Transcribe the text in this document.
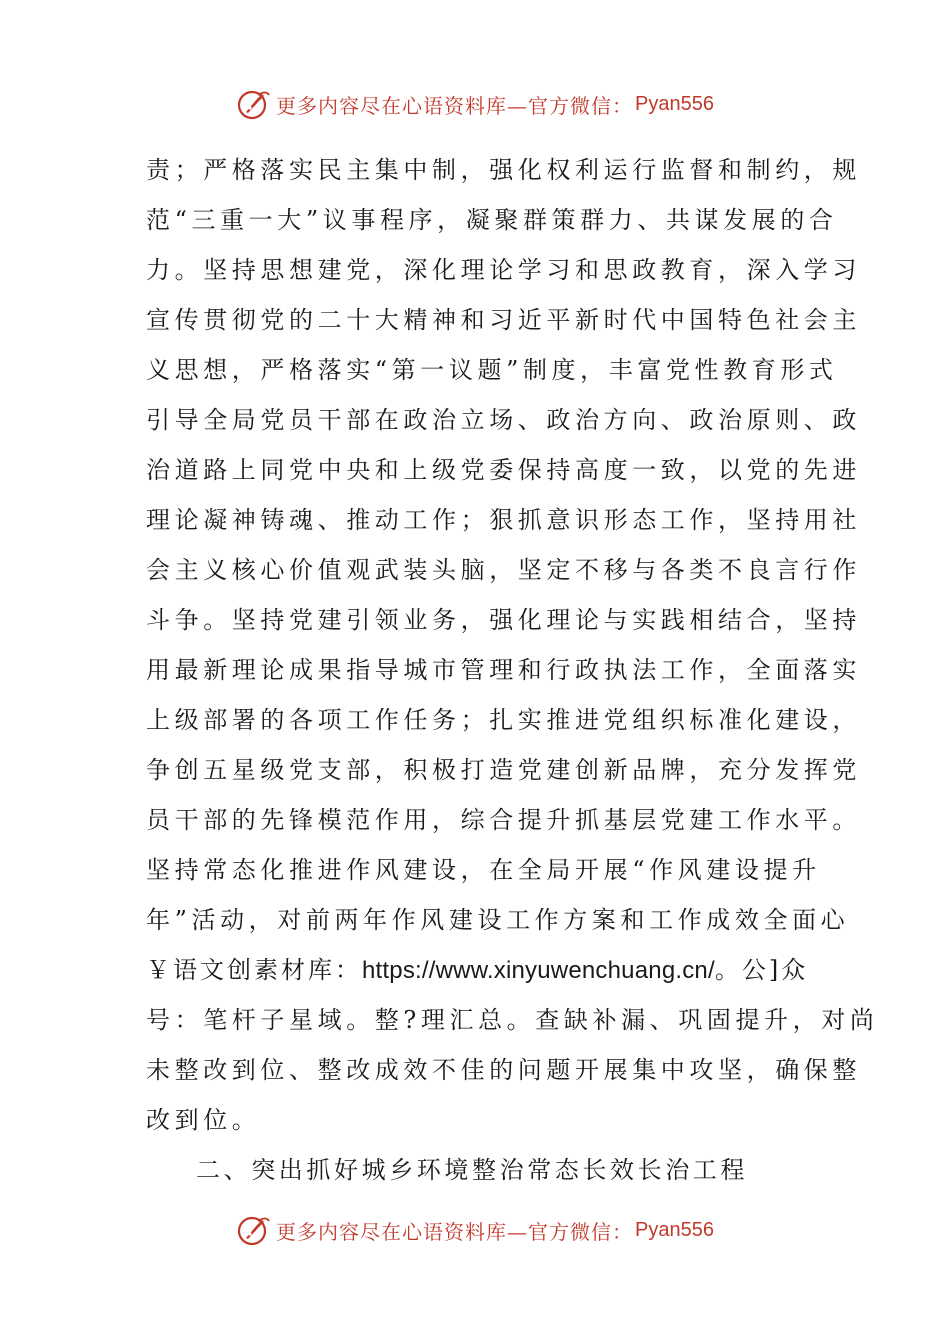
更多内容尽在心语资料库—官方微信： Pyan556
责；严格落实民主集中制，强化权利运行监督和制约，规
范“三重一大”议事程序，凝聚群策群力、共谋发展的合
力。坚持思想建党，深化理论学习和思政教育，深入学习
宣传贯彻党的二十大精神和习近平新时代中国特色社会主
义思想，严格落实“第一议题”制度，丰富党性教育形式
引导全局党员干部在政治立场、政治方向、政治原则、政
治道路上同党中央和上级党委保持高度一致，以党的先进
理论凝神铸魂、推动工作；狠抓意识形态工作，坚持用社
会主义核心价值观武装头脑，坚定不移与各类不良言行作
斗争。坚持党建引领业务，强化理论与实践相结合，坚持
用最新理论成果指导城市管理和行政执法工作，全面落实
上级部署的各项工作任务；扎实推进党组织标准化建设，
争创五星级党支部，积极打造党建创新品牌，充分发挥党
员干部的先锋模范作用，综合提升抓基层党建工作水平。
坚持常态化推进作风建设，在全局开展“作风建设提升
年”活动，对前两年作风建设工作方案和工作成效全面心
￥语文创素材库：https://www.xinyuwenchuang.cn/。公]众
号：笔杆子星域。整?理汇总。查缺补漏、巩固提升，对尚
未整改到位、整改成效不佳的问题开展集中攻坚，确保整
改到位。
二、突出抓好城乡环境整治常态长效长治工程
更多内容尽在心语资料库—官方微信： Pyan556
